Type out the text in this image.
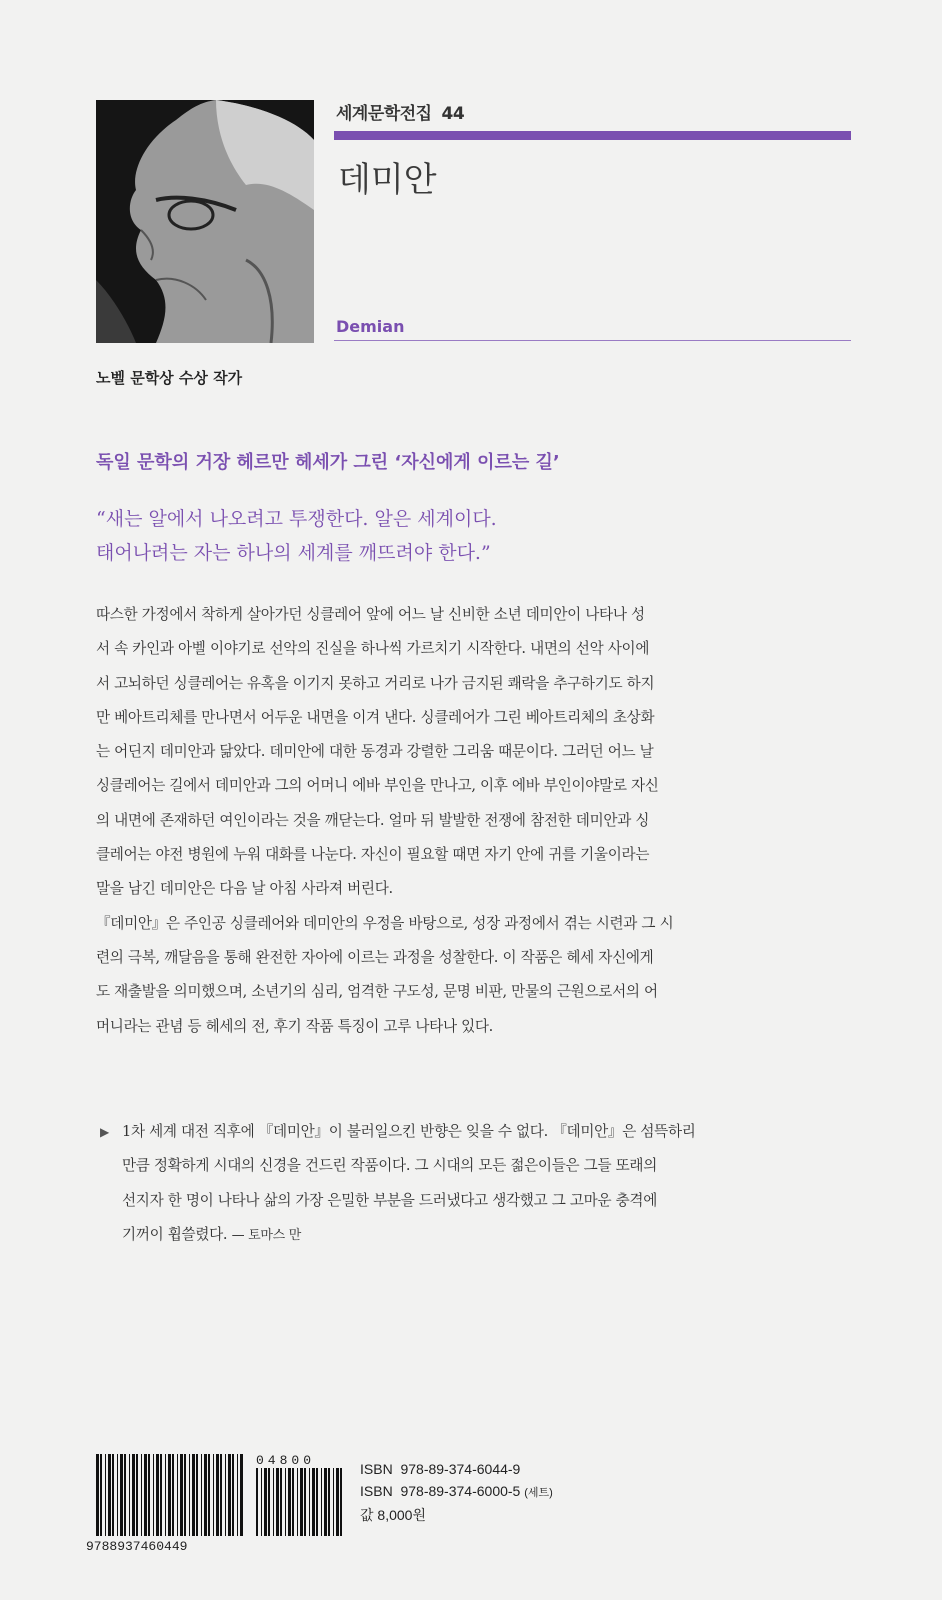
세계문학전집 44
데미안
Demian
노벨 문학상 수상 작가
독일 문학의 거장 헤르만 헤세가 그린 ‘자신에게 이르는 길’
“새는 알에서 나오려고 투쟁한다. 알은 세계이다.
태어나려는 자는 하나의 세계를 깨뜨려야 한다.”
따스한 가정에서 착하게 살아가던 싱클레어 앞에 어느 날 신비한 소년 데미안이 나타나 성
서 속 카인과 아벨 이야기로 선악의 진실을 하나씩 가르치기 시작한다. 내면의 선악 사이에
서 고뇌하던 싱클레어는 유혹을 이기지 못하고 거리로 나가 금지된 쾌락을 추구하기도 하지
만 베아트리체를 만나면서 어두운 내면을 이겨 낸다. 싱클레어가 그린 베아트리체의 초상화
는 어딘지 데미안과 닮았다. 데미안에 대한 동경과 강렬한 그리움 때문이다. 그러던 어느 날
싱클레어는 길에서 데미안과 그의 어머니 에바 부인을 만나고, 이후 에바 부인이야말로 자신
의 내면에 존재하던 여인이라는 것을 깨닫는다. 얼마 뒤 발발한 전쟁에 참전한 데미안과 싱
클레어는 야전 병원에 누워 대화를 나눈다. 자신이 필요할 때면 자기 안에 귀를 기울이라는
말을 남긴 데미안은 다음 날 아침 사라져 버린다.
『데미안』은 주인공 싱클레어와 데미안의 우정을 바탕으로, 성장 과정에서 겪는 시련과 그 시
련의 극복, 깨달음을 통해 완전한 자아에 이르는 과정을 성찰한다. 이 작품은 헤세 자신에게
도 재출발을 의미했으며, 소년기의 심리, 엄격한 구도성, 문명 비판, 만물의 근원으로서의 어
머니라는 관념 등 헤세의 전, 후기 작품 특징이 고루 나타나 있다.
▶ 1차 세계 대전 직후에 『데미안』이 불러일으킨 반향은 잊을 수 없다. 『데미안』은 섬뜩하리
만큼 정확하게 시대의 신경을 건드린 작품이다. 그 시대의 모든 젊은이들은 그들 또래의
선지자 한 명이 나타나 삶의 가장 은밀한 부분을 드러냈다고 생각했고 그 고마운 충격에
기꺼이 휩쓸렸다. — 토마스 만
9788937460449
04800
ISBN 978-89-374-6044-9
ISBN 978-89-374-6000-5 (세트)
값 8,000원
